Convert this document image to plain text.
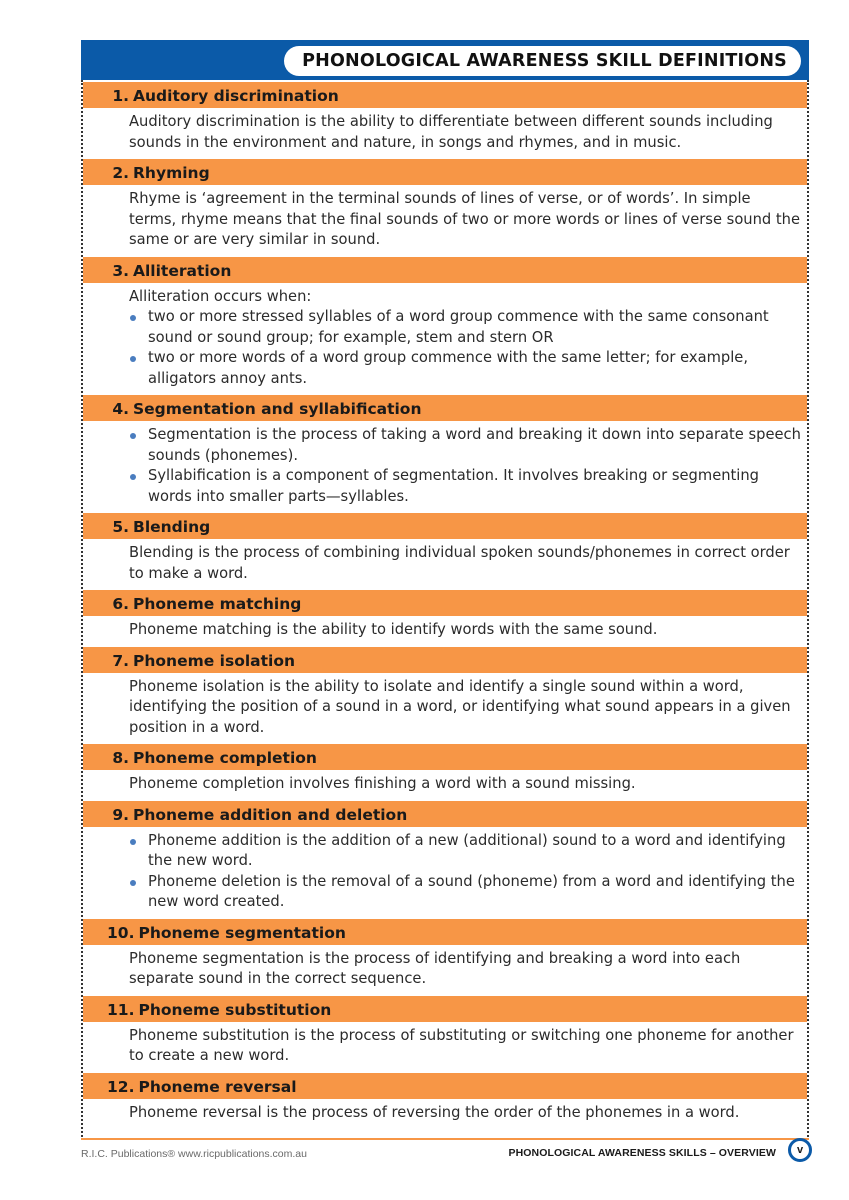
PHONOLOGICAL AWARENESS SKILL DEFINITIONS
1. Auditory discrimination

Auditory discrimination is the ability to differentiate between different sounds including sounds in the environment and nature, in songs and rhymes, and in music.

2. Rhyming

Rhyme is ‘agreement in the terminal sounds of lines of verse, or of words’. In simple terms, rhyme means that the final sounds of two or more words or lines of verse sound the same or are very similar in sound.

3. Alliteration

Alliteration occurs when:

two or more stressed syllables of a word group commence with the same consonant sound or sound group; for example, stem and stern OR
two or more words of a word group commence with the same letter; for example, alligators annoy ants.
4. Segmentation and syllabification
Segmentation is the process of taking a word and breaking it down into separate speech sounds (phonemes).
Syllabification is a component of segmentation. It involves breaking or segmenting words into smaller parts—syllables.
5. Blending

Blending is the process of combining individual spoken sounds/phonemes in correct order to make a word.

6. Phoneme matching

Phoneme matching is the ability to identify words with the same sound.

7. Phoneme isolation

Phoneme isolation is the ability to isolate and identify a single sound within a word, identifying the position of a sound in a word, or identifying what sound appears in a given position in a word.

8. Phoneme completion

Phoneme completion involves finishing a word with a sound missing.

9. Phoneme addition and deletion
Phoneme addition is the addition of a new (additional) sound to a word and identifying the new word.
Phoneme deletion is the removal of a sound (phoneme) from a word and identifying the new word created.
10. Phoneme segmentation

Phoneme segmentation is the process of identifying and breaking a word into each separate sound in the correct sequence.

11. Phoneme substitution

Phoneme substitution is the process of substituting or switching one phoneme for another to create a new word.

12. Phoneme reversal

Phoneme reversal is the process of reversing the order of the phonemes in a word.

R.I.C. Publications® www.ricpublications.com.au	PHONOLOGICAL AWARENESS SKILLS – OVERVIEW	v
